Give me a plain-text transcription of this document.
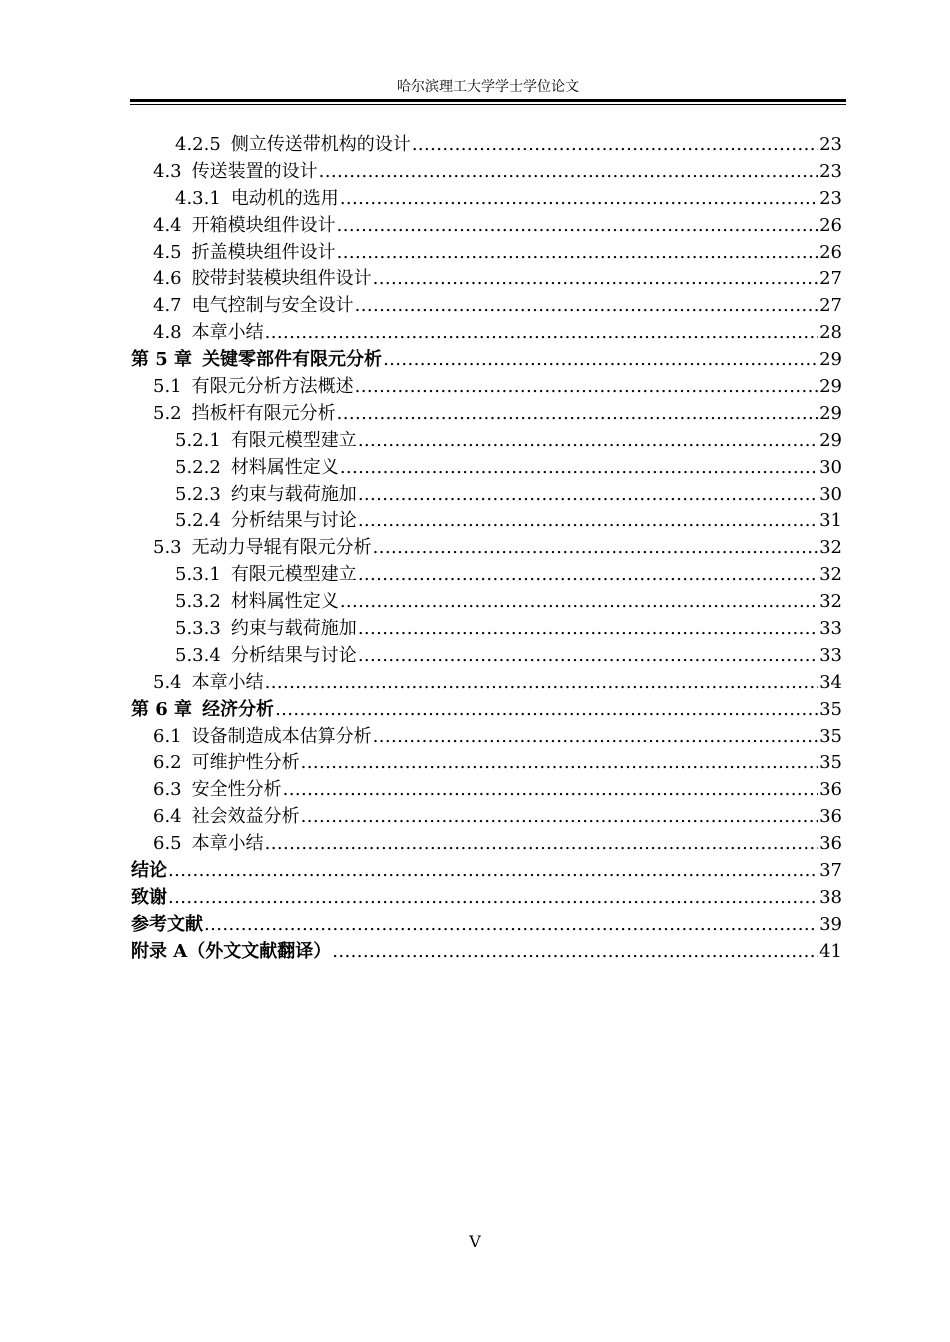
哈尔滨理工大学学士学位论文
4.2.5 侧立传送带机构的设计 .....	23
4.3 传送装置的设计 .....	23
4.3.1 电动机的选用 .....	23
4.4 开箱模块组件设计 .....	26
4.5 折盖模块组件设计 .....	26
4.6 胶带封装模块组件设计 .....	27
4.7 电气控制与安全设计 .....	27
4.8 本章小结 .....	28
第 5 章 关键零部件有限元分析 .....	29
5.1 有限元分析方法概述 .....	29
5.2 挡板杆有限元分析 .....	29
5.2.1 有限元模型建立 .....	29
5.2.2 材料属性定义 .....	30
5.2.3 约束与载荷施加 .....	30
5.2.4 分析结果与讨论 .....	31
5.3 无动力导辊有限元分析 .....	32
5.3.1 有限元模型建立 .....	32
5.3.2 材料属性定义 .....	32
5.3.3 约束与载荷施加 .....	33
5.3.4 分析结果与讨论 .....	33
5.4 本章小结 .....	34
第 6 章 经济分析 .....	35
6.1 设备制造成本估算分析 .....	35
6.2 可维护性分析 .....	35
6.3 安全性分析 .....	36
6.4 社会效益分析 .....	36
6.5 本章小结 .....	36
结论 .....	37
致谢 .....	38
参考文献 .....	39
附录 A（外文文献翻译） .....	41
V
